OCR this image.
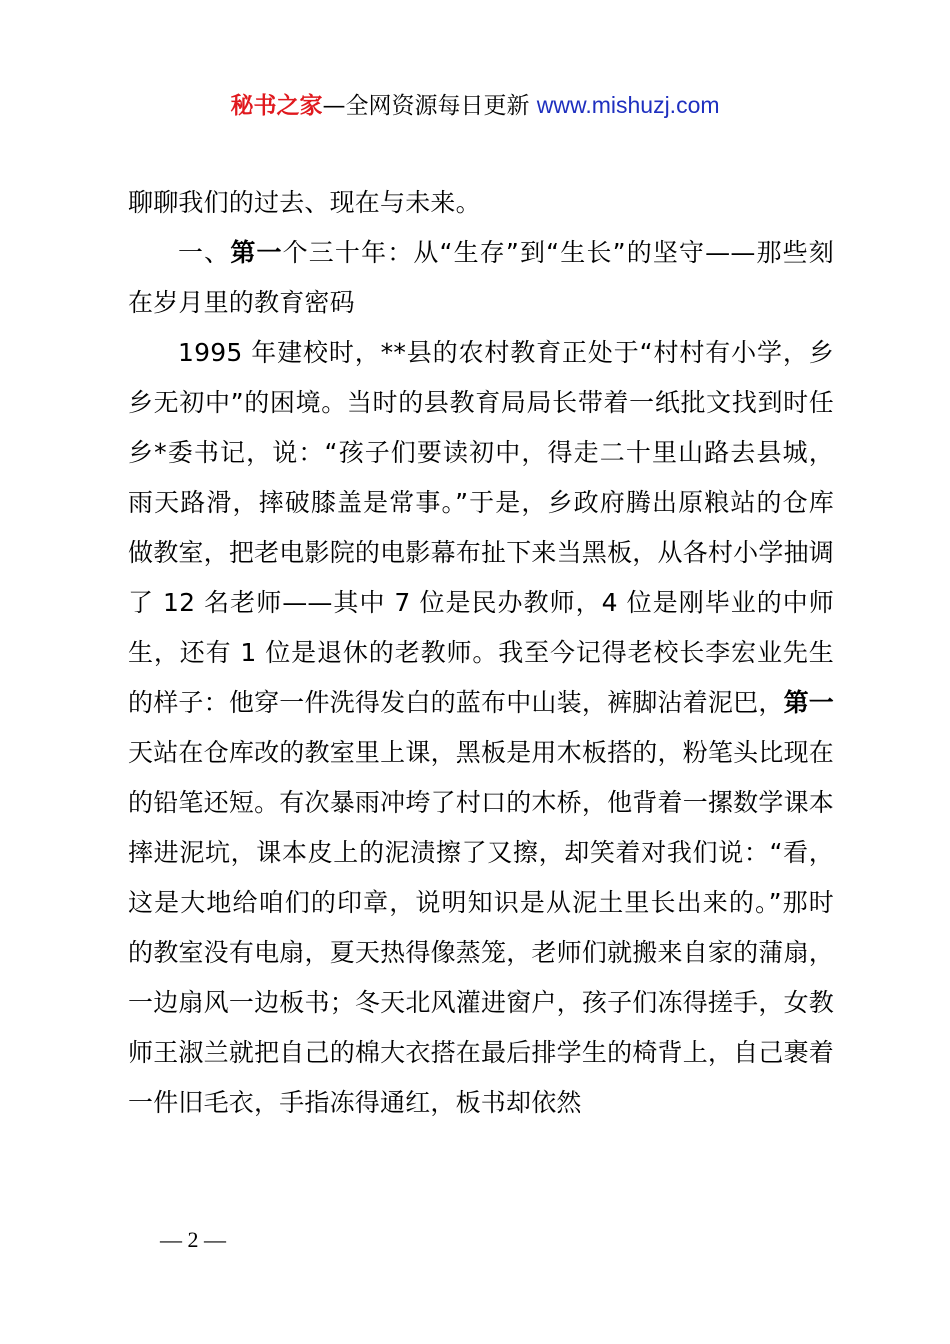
秘书之家—全网资源每日更新 www.mishuzj.com

聊聊我们的过去、现在与未来。

一、第一个三十年：从“生存”到“生长”的坚守——那些刻在岁月里的教育密码

1995 年建校时，**县的农村教育正处于“村村有小学，乡乡无初中”的困境。当时的县教育局局长带着一纸批文找到时任乡*委书记，说：“孩子们要读初中，得走二十里山路去县城，雨天路滑，摔破膝盖是常事。”于是，乡政府腾出原粮站的仓库做教室，把老电影院的电影幕布扯下来当黑板，从各村小学抽调了 12 名老师——其中 7 位是民办教师，4 位是刚毕业的中师生，还有 1 位是退休的老教师。我至今记得老校长李宏业先生的样子：他穿一件洗得发白的蓝布中山装，裤脚沾着泥巴，第一天站在仓库改的教室里上课，黑板是用木板搭的，粉笔头比现在的铅笔还短。有次暴雨冲垮了村口的木桥，他背着一摞数学课本摔进泥坑，课本皮上的泥渍擦了又擦，却笑着对我们说：“看，这是大地给咱们的印章，说明知识是从泥土里长出来的。”那时的教室没有电扇，夏天热得像蒸笼，老师们就搬来自家的蒲扇，一边扇风一边板书；冬天北风灌进窗户，孩子们冻得搓手，女教师王淑兰就把自己的棉大衣搭在最后排学生的椅背上，自己裹着一件旧毛衣，手指冻得通红，板书却依然

— 2 —
